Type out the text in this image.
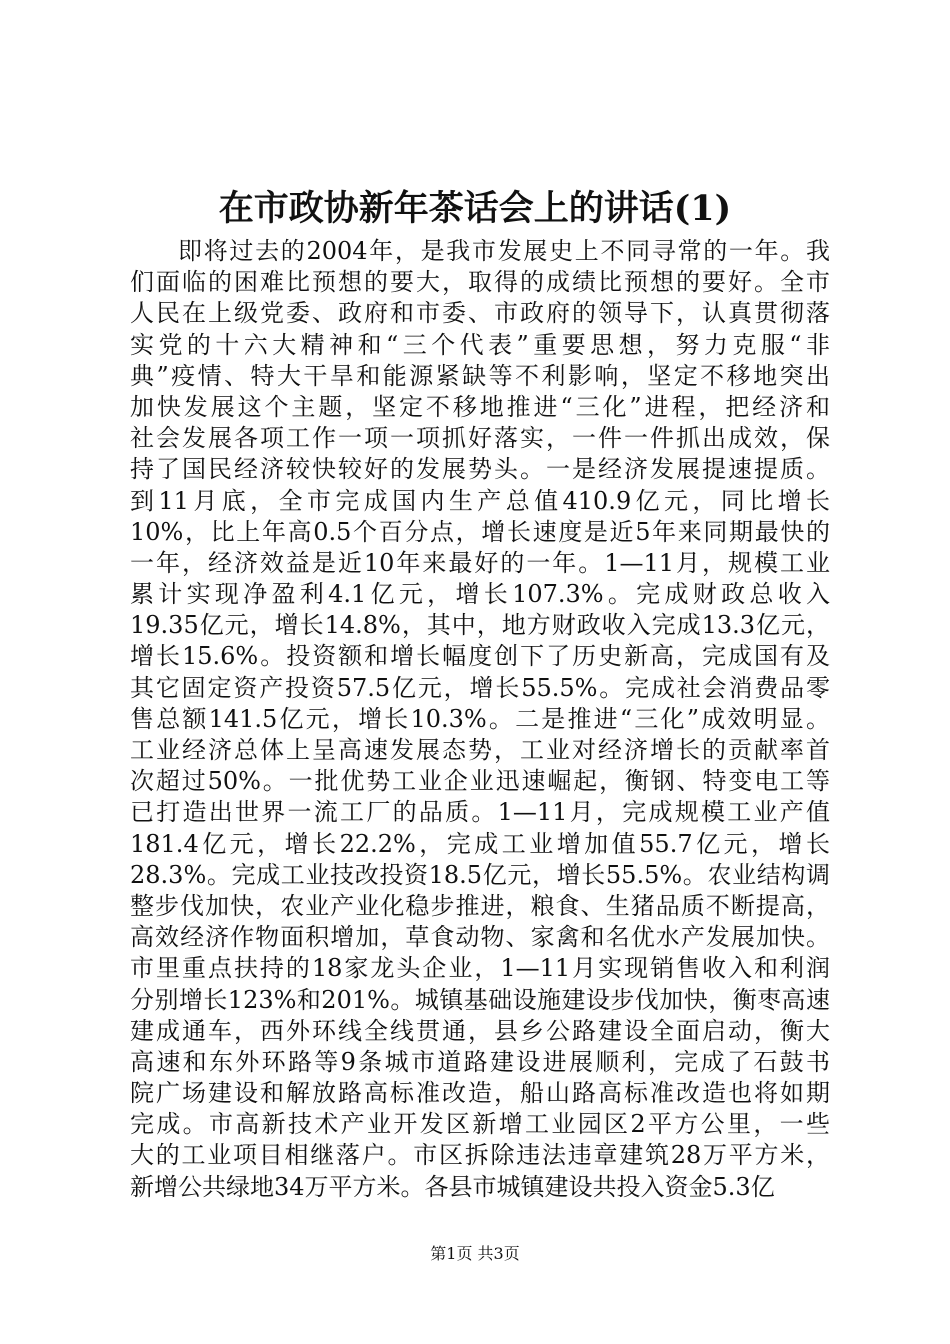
在市政协新年茶话会上的讲话(1)
即将过去的2004年，是我市发展史上不同寻常的一年。我
们面临的困难比预想的要大，取得的成绩比预想的要好。全市
人民在上级党委、政府和市委、市政府的领导下，认真贯彻落
实党的十六大精神和“三个代表”重要思想，努力克服“非
典”疫情、特大干旱和能源紧缺等不利影响，坚定不移地突出
加快发展这个主题，坚定不移地推进“三化”进程，把经济和
社会发展各项工作一项一项抓好落实，一件一件抓出成效，保
持了国民经济较快较好的发展势头。一是经济发展提速提质。
到11月底，全市完成国内生产总值410.9亿元，同比增长
10%，比上年高0.5个百分点，增长速度是近5年来同期最快的
一年，经济效益是近10年来最好的一年。1—11月，规模工业
累计实现净盈利4.1亿元，增长107.3%。完成财政总收入
19.35亿元，增长14.8%，其中，地方财政收入完成13.3亿元，
增长15.6%。投资额和增长幅度创下了历史新高，完成国有及
其它固定资产投资57.5亿元，增长55.5%。完成社会消费品零
售总额141.5亿元，增长10.3%。二是推进“三化”成效明显。
工业经济总体上呈高速发展态势，工业对经济增长的贡献率首
次超过50%。一批优势工业企业迅速崛起，衡钢、特变电工等
已打造出世界一流工厂的品质。1—11月，完成规模工业产值
181.4亿元，增长22.2%，完成工业增加值55.7亿元，增长
28.3%。完成工业技改投资18.5亿元，增长55.5%。农业结构调
整步伐加快，农业产业化稳步推进，粮食、生猪品质不断提高，
高效经济作物面积增加，草食动物、家禽和名优水产发展加快。
市里重点扶持的18家龙头企业，1—11月实现销售收入和利润
分别增长123%和201%。城镇基础设施建设步伐加快，衡枣高速
建成通车，西外环线全线贯通，县乡公路建设全面启动，衡大
高速和东外环路等9条城市道路建设进展顺利，完成了石鼓书
院广场建设和解放路高标准改造，船山路高标准改造也将如期
完成。市高新技术产业开发区新增工业园区2平方公里，一些
大的工业项目相继落户。市区拆除违法违章建筑28万平方米，
新增公共绿地34万平方米。各县市城镇建设共投入资金5.3亿
第1页 共3页
